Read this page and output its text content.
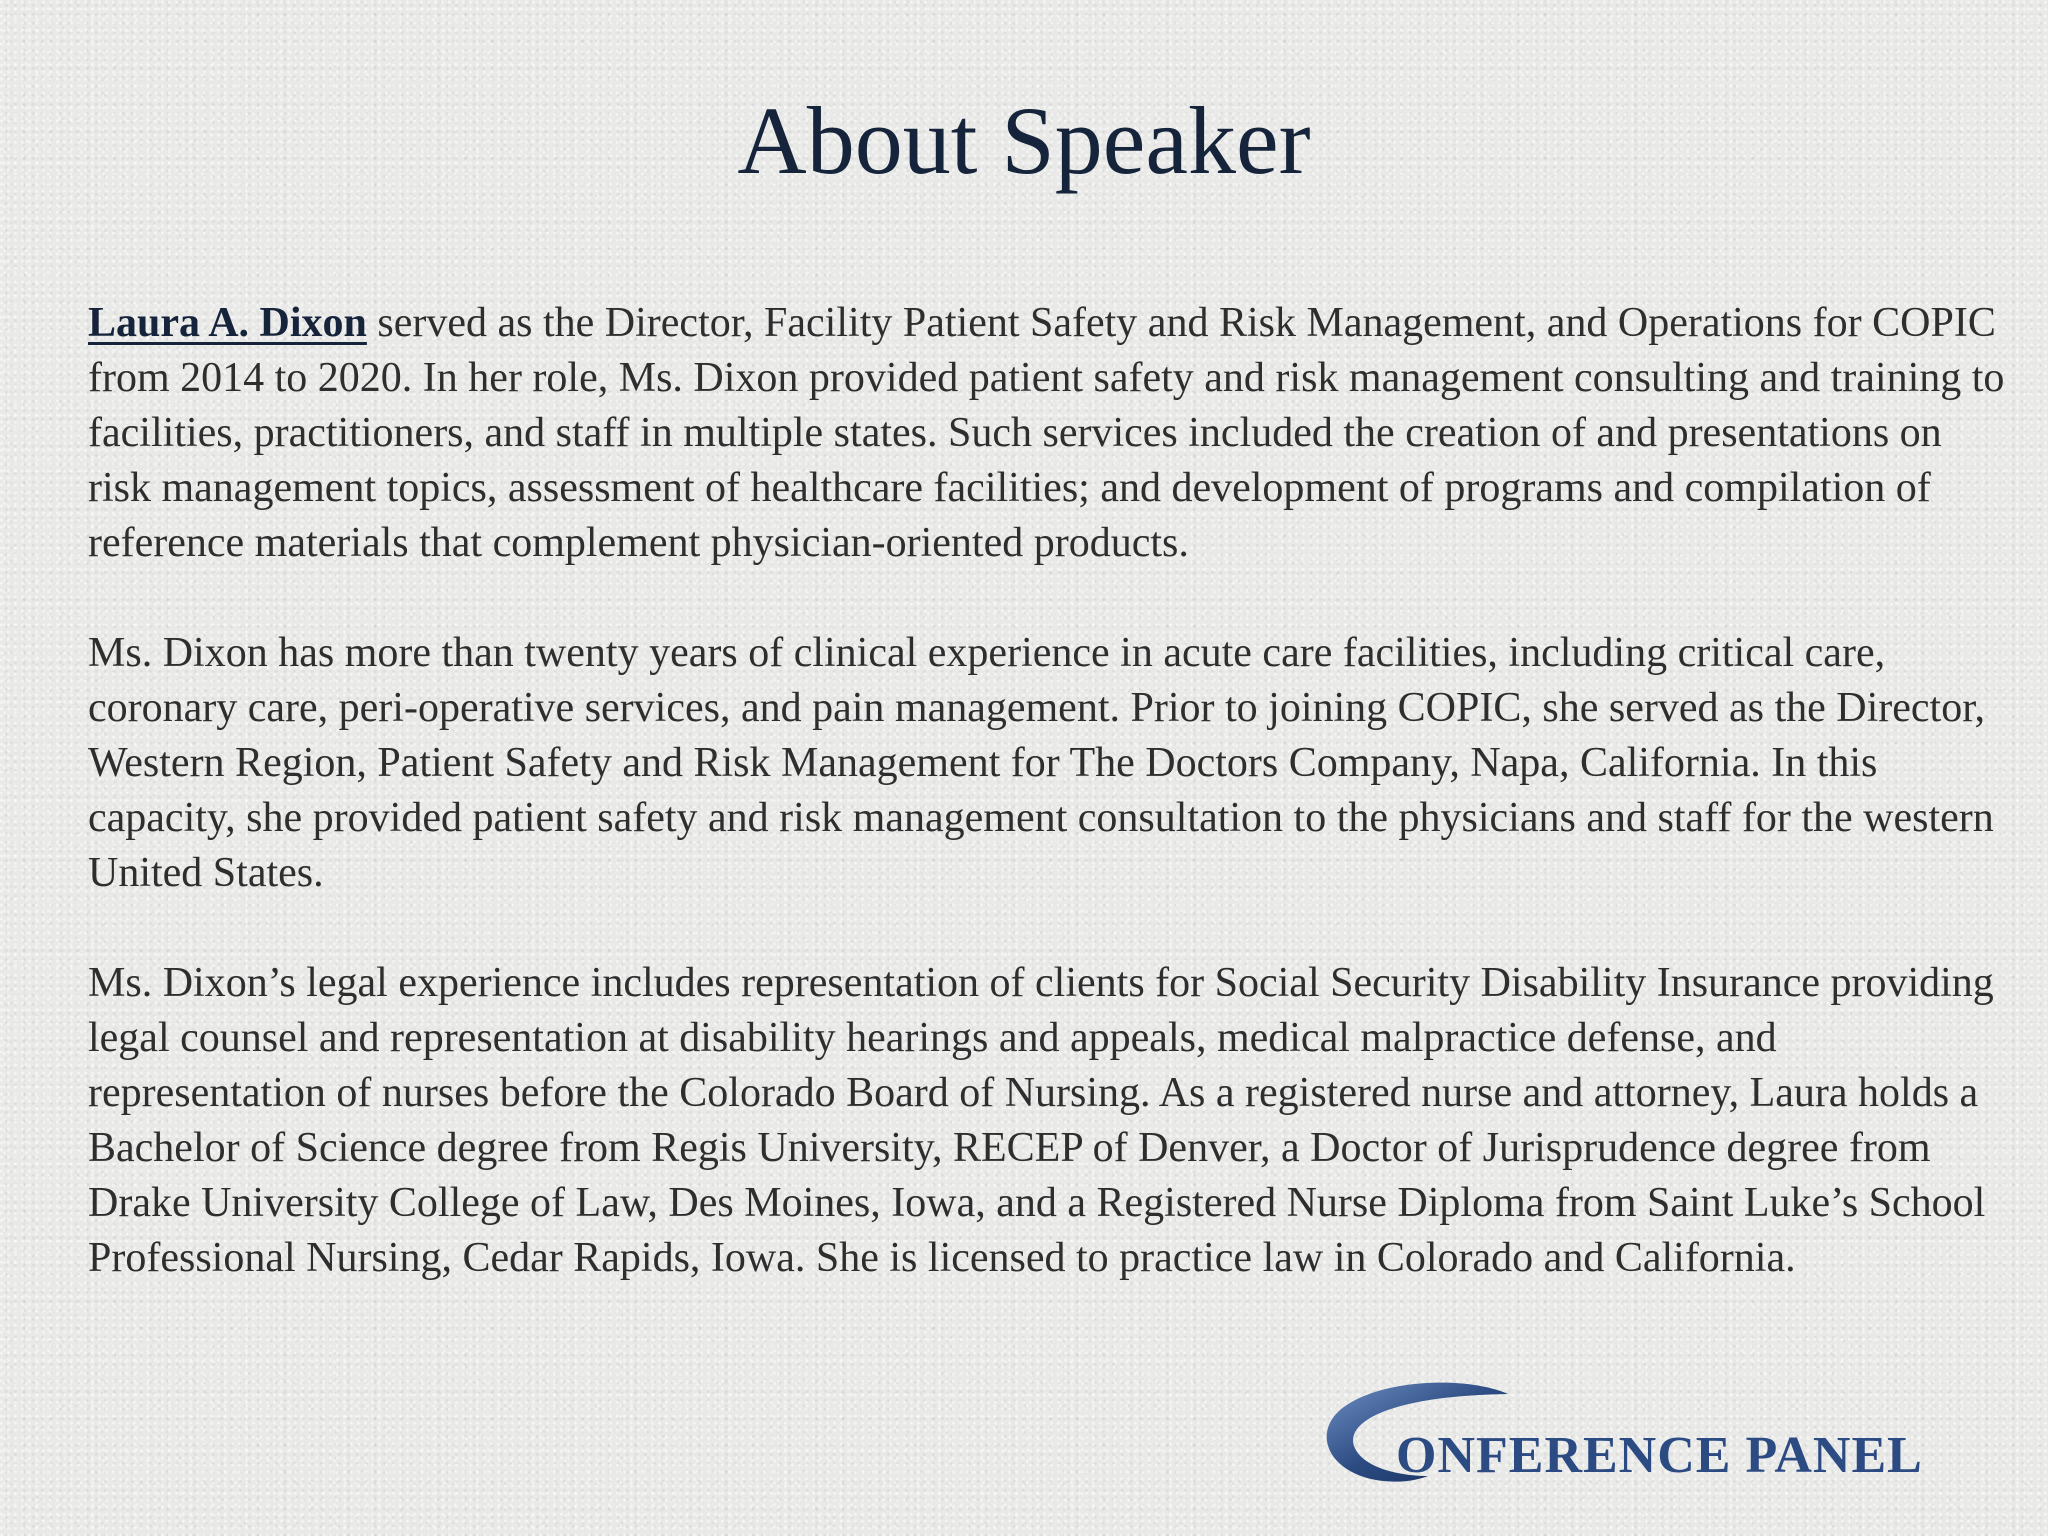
About Speaker

Laura A. Dixon served as the Director, Facility Patient Safety and Risk Management, and Operations for COPIC from 2014 to 2020. In her role, Ms. Dixon provided patient safety and risk management consulting and training to facilities, practitioners, and staff in multiple states. Such services included the creation of and presentations on risk management topics, assessment of healthcare facilities; and development of programs and compilation of reference materials that complement physician-oriented products.

Ms. Dixon has more than twenty years of clinical experience in acute care facilities, including critical care, coronary care, peri-operative services, and pain management. Prior to joining COPIC, she served as the Director, Western Region, Patient Safety and Risk Management for The Doctors Company, Napa, California. In this capacity, she provided patient safety and risk management consultation to the physicians and staff for the western United States.

Ms. Dixon’s legal experience includes representation of clients for Social Security Disability Insurance providing legal counsel and representation at disability hearings and appeals, medical malpractice defense, and representation of nurses before the Colorado Board of Nursing. As a registered nurse and attorney, Laura holds a Bachelor of Science degree from Regis University, RECEP of Denver, a Doctor of Jurisprudence degree from Drake University College of Law, Des Moines, Iowa, and a Registered Nurse Diploma from Saint Luke’s School Professional Nursing, Cedar Rapids, Iowa. She is licensed to practice law in Colorado and California.

ONFERENCE PANEL
